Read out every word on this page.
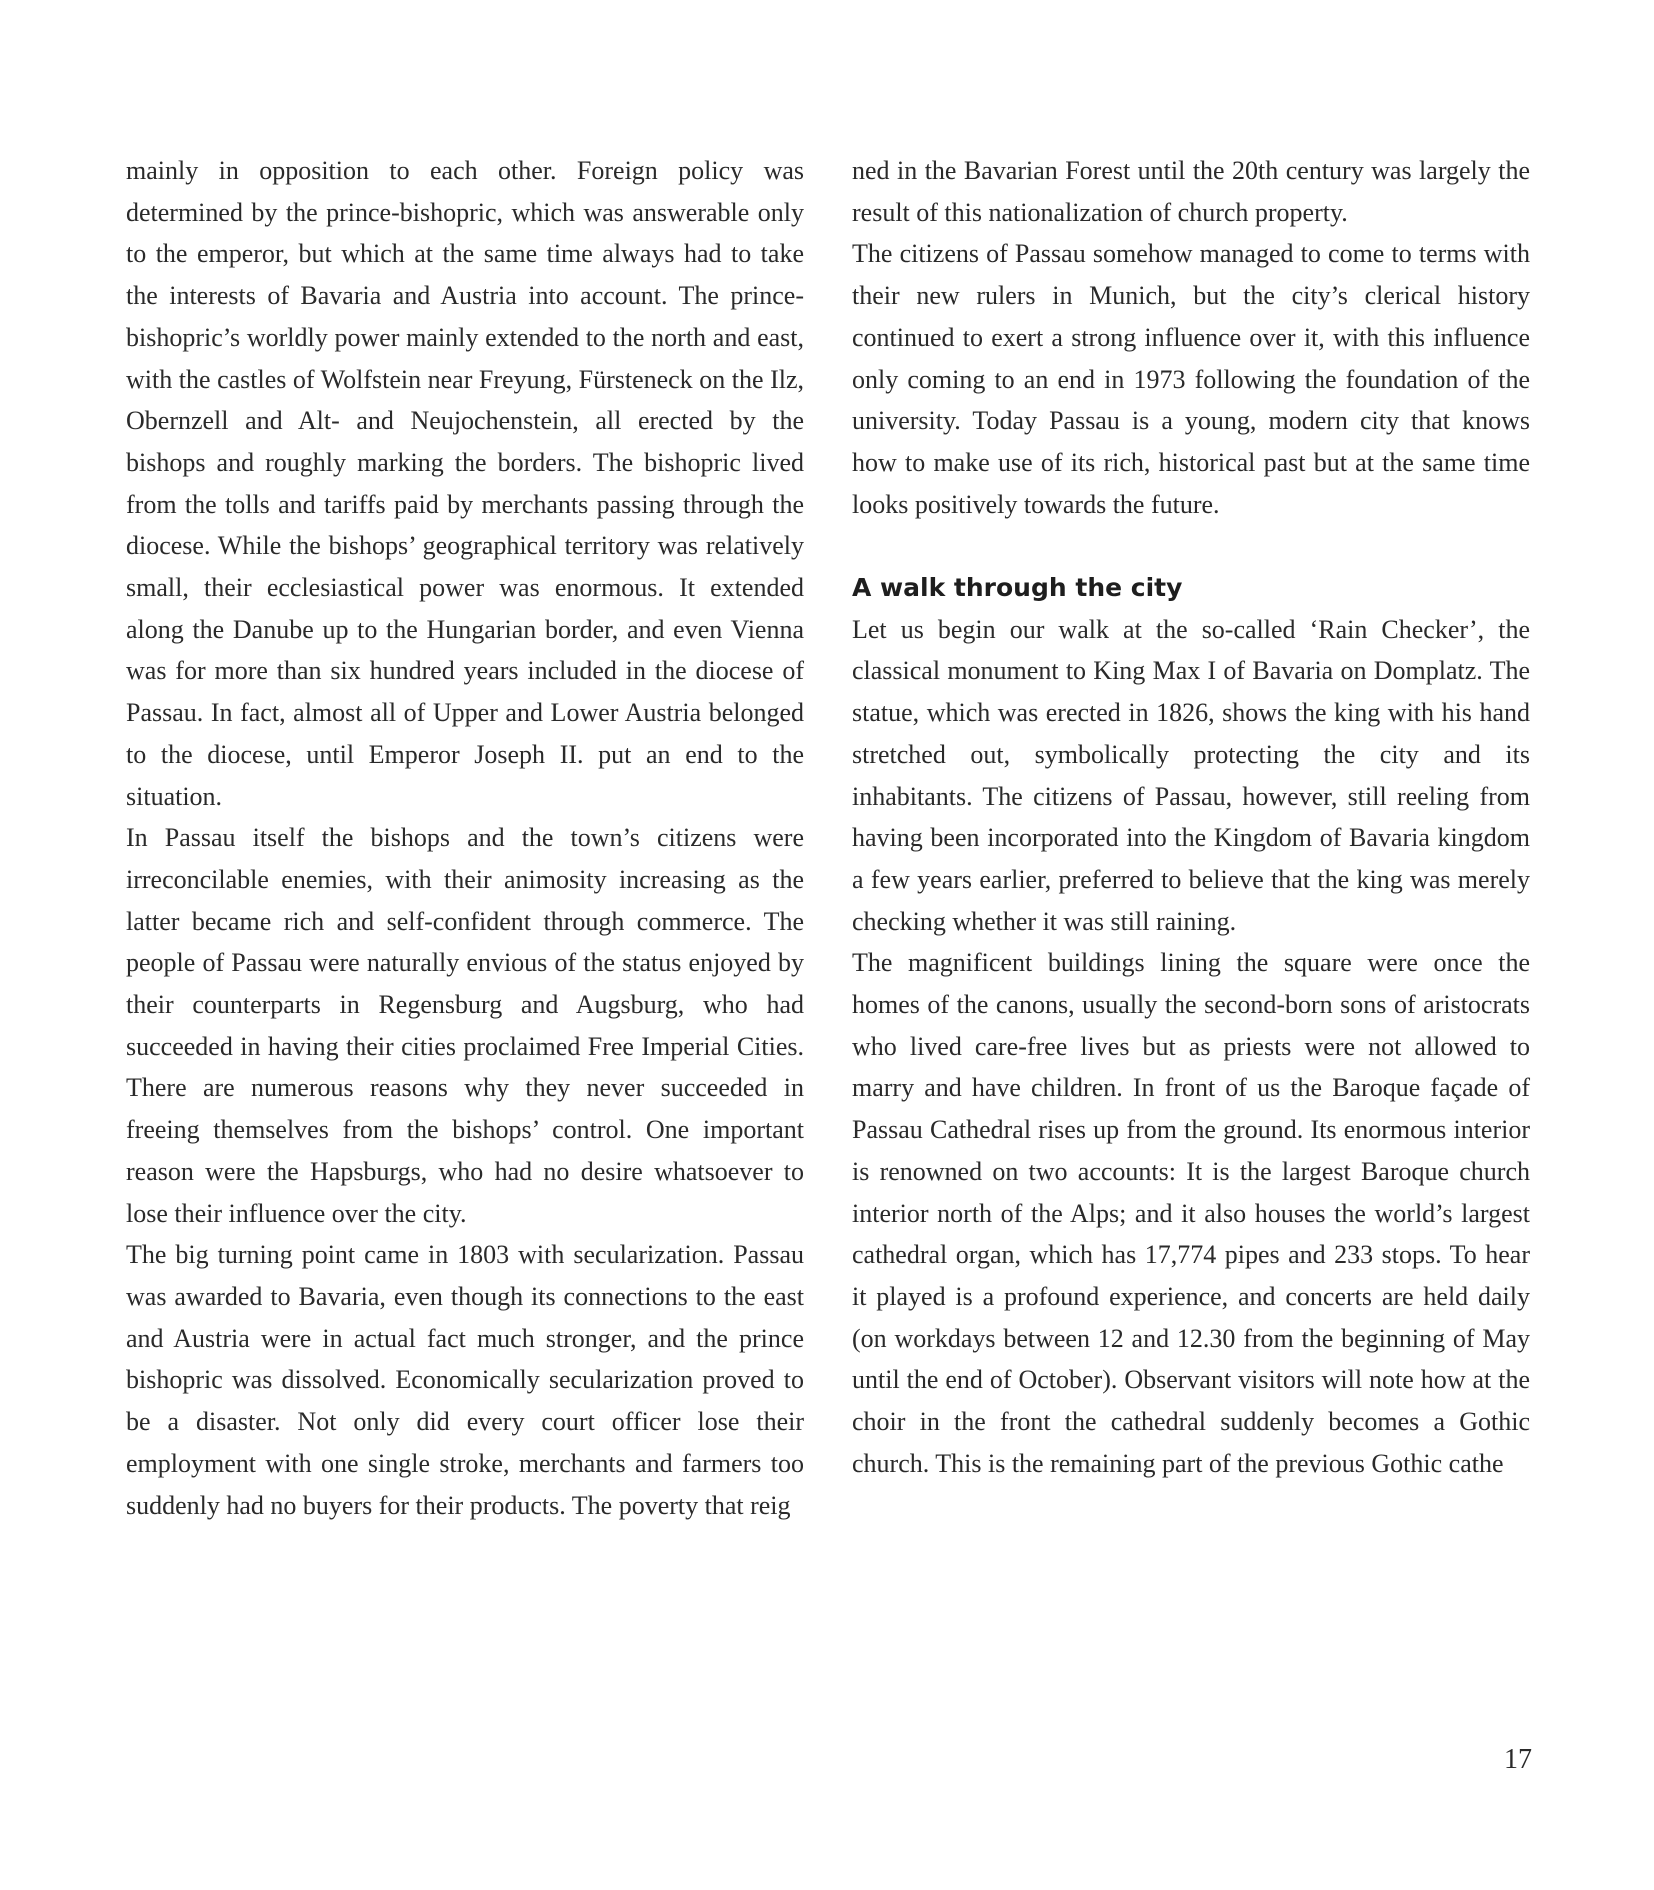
mainly in opposition to each other. Foreign policy was determined by the prince-bishopric, which was answerable only to the emperor, but which at the same time always had to take the interests of Bavaria and Austria into account. The prince-bishopric’s worldly power mainly extended to the north and east, with the castles of Wolfstein near Freyung, Fürsteneck on the Ilz, Obernzell and Alt- and Neujochenstein, all erected by the bishops and roughly marking the borders. The bishopric lived from the tolls and tariffs paid by merchants passing through the diocese. While the bishops’ geographical territory was relatively small, their ecclesiastical power was enormous. It extended along the Danube up to the Hungarian border, and even Vienna was for more than six hundred years included in the diocese of Passau. In fact, almost all of Upper and Lower Austria belonged to the diocese, until Emperor Joseph II. put an end to the situation.

In Passau itself the bishops and the town’s citizens were irreconcilable enemies, with their animosity increasing as the latter became rich and self-confident through commerce. The people of Passau were naturally envious of the status enjoyed by their counterparts in Regensburg and Augsburg, who had succeeded in having their cities proclaimed Free Imperial Cities. There are numerous reasons why they never succeeded in freeing themselves from the bishops’ control. One important reason were the Hapsburgs, who had no desire whatsoever to lose their influence over the city.

The big turning point came in 1803 with secularization. Passau was awarded to Bavaria, even though its connections to the east and Austria were in actual fact much stronger, and the prince bishopric was dissolved. Economically secularization proved to be a disaster. Not only did every court officer lose their employment with one single stroke, merchants and farmers too suddenly had no buyers for their products. The poverty that reig

ned in the Bavarian Forest until the 20th century was largely the result of this nationalization of church property.

The citizens of Passau somehow managed to come to terms with their new rulers in Munich, but the city’s clerical history continued to exert a strong influence over it, with this influence only coming to an end in 1973 following the foundation of the university. Today Passau is a young, modern city that knows how to make use of its rich, historical past but at the same time looks positively towards the future.

A walk through the city

Let us begin our walk at the so-called ‘Rain Checker’, the classical monument to King Max I of Bavaria on Domplatz. The statue, which was erected in 1826, shows the king with his hand stretched out, symbolically protecting the city and its inhabitants. The citizens of Passau, however, still reeling from having been incorporated into the Kingdom of Bavaria kingdom a few years earlier, preferred to believe that the king was merely checking whether it was still raining.

The magnificent buildings lining the square were once the homes of the canons, usually the second-born sons of aristocrats who lived care-free lives but as priests were not allowed to marry and have children. In front of us the Baroque façade of Passau Cathedral rises up from the ground. Its enormous interior is renowned on two accounts: It is the largest Baroque church interior north of the Alps; and it also houses the world’s largest cathedral organ, which has 17,774 pipes and 233 stops. To hear it played is a profound experience, and concerts are held daily (on workdays between 12 and 12.30 from the beginning of May until the end of October). Observant visitors will note how at the choir in the front the cathedral suddenly becomes a Gothic church. This is the remaining part of the previous Gothic cathe

17
